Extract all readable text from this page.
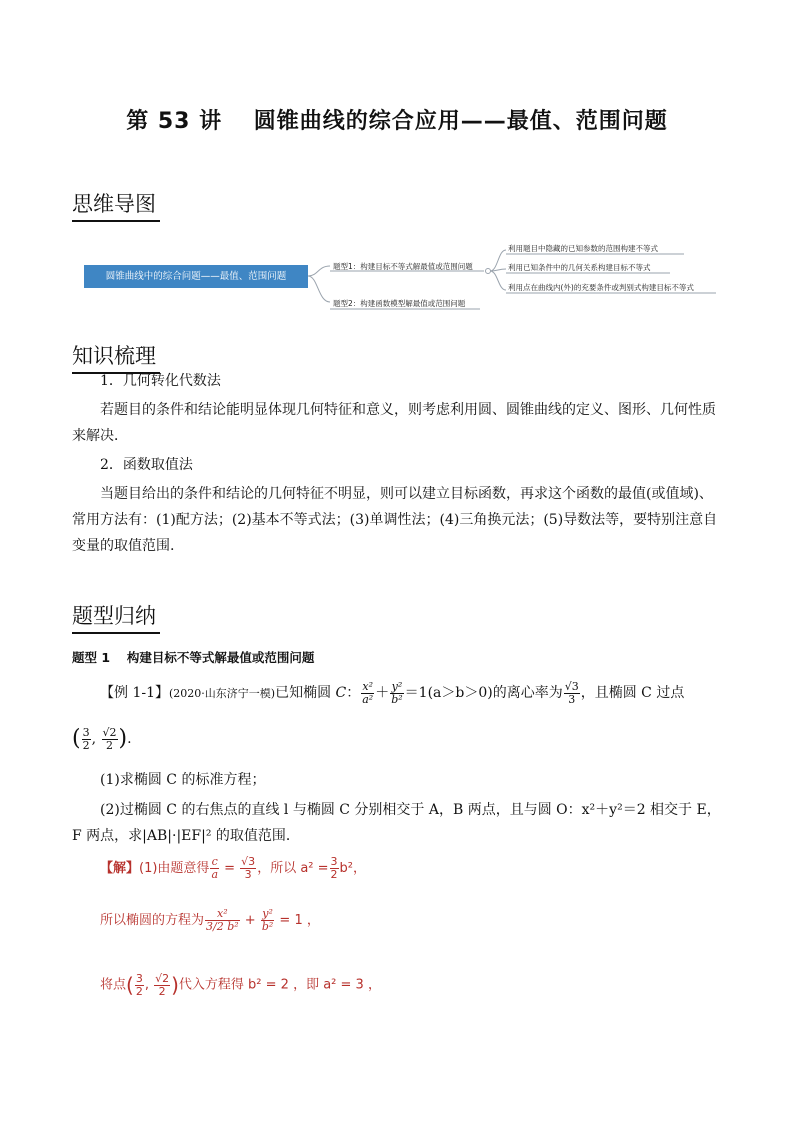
第 53 讲　 圆锥曲线的综合应用——最值、范围问题
思维导图
圆锥曲线中的综合问题——最值、范围问题
题型1：构建目标不等式解最值或范围问题
题型2：构建函数模型解最值或范围问题
利用题目中隐藏的已知参数的范围构建不等式
利用已知条件中的几何关系构建目标不等式
利用点在曲线内(外)的充要条件或判别式构建目标不等式
知识梳理
1．几何转化代数法
若题目的条件和结论能明显体现几何特征和意义，则考虑利用圆、圆锥曲线的定义、图形、几何性质来解决．
2．函数取值法
当题目给出的条件和结论的几何特征不明显，则可以建立目标函数，再求这个函数的最值(或值域)、常用方法有：(1)配方法；(2)基本不等式法；(3)单调性法；(4)三角换元法；(5)导数法等，要特别注意自变量的取值范围.
题型归纳
题型 1　 构建目标不等式解最值或范围问题
【例 1-1】(2020·山东济宁一模)已知椭圆 C： $\frac{\text{x²}}{\text{a²}} + \frac{\text{y²}}{\text{b²}} =1(a>b>0)$的离心率为 $\frac{√3}{3}$ ，且椭圆 C 过点
( $\frac{3}{2}$ , $\frac{√2}{2}$ ).
(1)求椭圆 C 的标准方程；
(2)过椭圆 C 的右焦点的直线 l 与椭圆 C 分别相交于 A，B 两点，且与圆 O：x²＋y²＝2 相交于 E，F 两点，求|AB|·|EF|² 的取值范围．
【解】(1)由题意得 $\frac{c}{a} = \frac{√3}{3}$ ，所以 $a^2 = \frac{3}{2} b^2$，
所以椭圆的方程为 $\frac{\text{x²}}{\text{3/2 b²}} + \frac{\text{y²}}{\text{b²}} = 1$ ，
将点( $\frac{3}{2}$ , $\frac{√2}{2}$ )代入方程得 b² = 2 ，即 a² = 3 ，
